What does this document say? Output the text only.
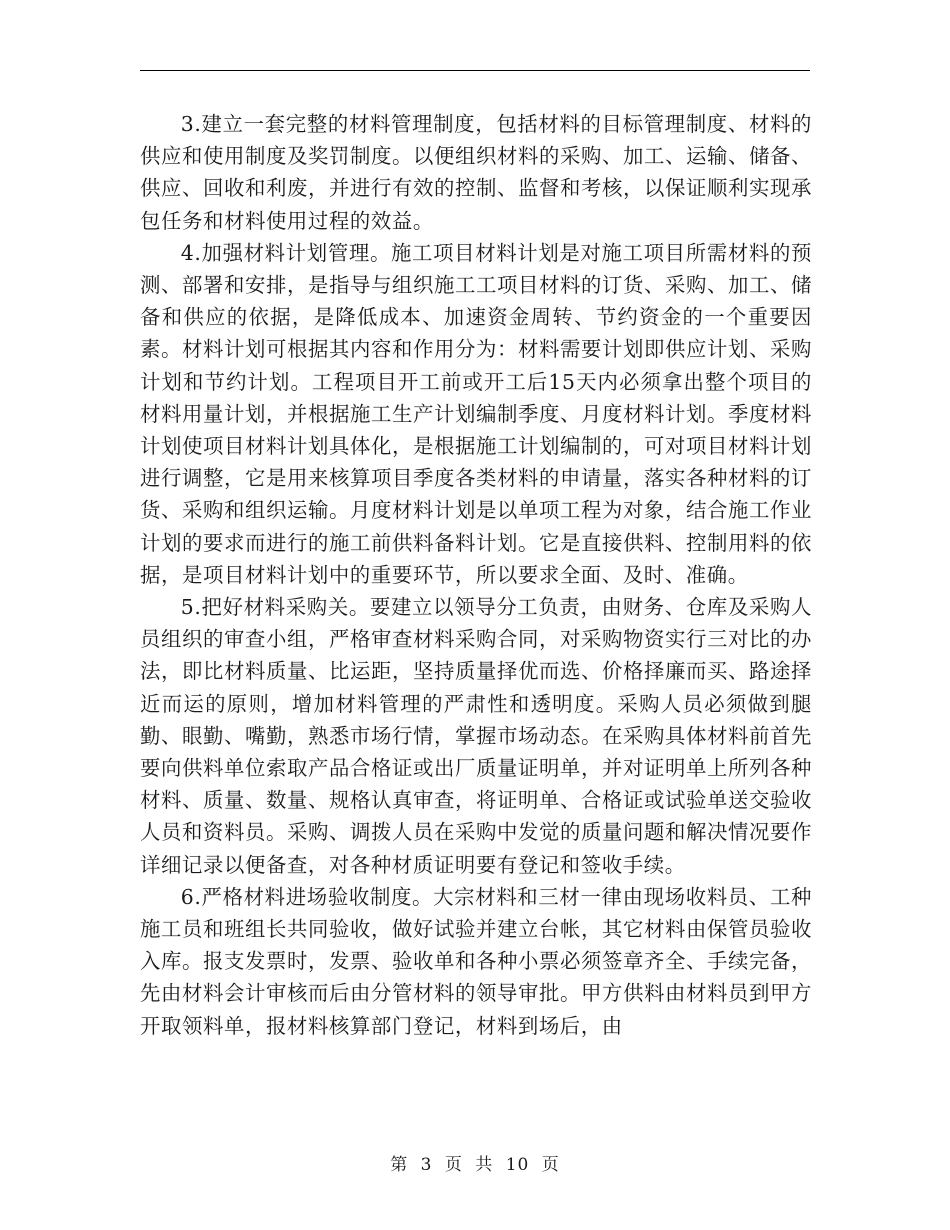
3.建立一套完整的材料管理制度，包括材料的目标管理制度、材料的供应和使用制度及奖罚制度。以便组织材料的采购、加工、运输、储备、供应、回收和利废，并进行有效的控制、监督和考核，以保证顺利实现承包任务和材料使用过程的效益。

4.加强材料计划管理。施工项目材料计划是对施工项目所需材料的预测、部署和安排，是指导与组织施工工项目材料的订货、采购、加工、储备和供应的依据，是降低成本、加速资金周转、节约资金的一个重要因素。材料计划可根据其内容和作用分为：材料需要计划即供应计划、采购计划和节约计划。工程项目开工前或开工后15天内必须拿出整个项目的材料用量计划，并根据施工生产计划编制季度、月度材料计划。季度材料计划使项目材料计划具体化，是根据施工计划编制的，可对项目材料计划进行调整，它是用来核算项目季度各类材料的申请量，落实各种材料的订货、采购和组织运输。月度材料计划是以单项工程为对象，结合施工作业计划的要求而进行的施工前供料备料计划。它是直接供料、控制用料的依据，是项目材料计划中的重要环节，所以要求全面、及时、准确。

5.把好材料采购关。要建立以领导分工负责，由财务、仓库及采购人员组织的审查小组，严格审查材料采购合同，对采购物资实行三对比的办法，即比材料质量、比运距，坚持质量择优而选、价格择廉而买、路途择近而运的原则，增加材料管理的严肃性和透明度。采购人员必须做到腿勤、眼勤、嘴勤，熟悉市场行情，掌握市场动态。在采购具体材料前首先要向供料单位索取产品合格证或出厂质量证明单，并对证明单上所列各种材料、质量、数量、规格认真审查，将证明单、合格证或试验单送交验收人员和资料员。采购、调拨人员在采购中发觉的质量问题和解决情况要作详细记录以便备查，对各种材质证明要有登记和签收手续。

6.严格材料进场验收制度。大宗材料和三材一律由现场收料员、工种施工员和班组长共同验收，做好试验并建立台帐，其它材料由保管员验收入库。报支发票时，发票、验收单和各种小票必须签章齐全、手续完备，先由材料会计审核而后由分管材料的领导审批。甲方供料由材料员到甲方开取领料单，报材料核算部门登记，材料到场后，由

第 3 页 共 10 页
